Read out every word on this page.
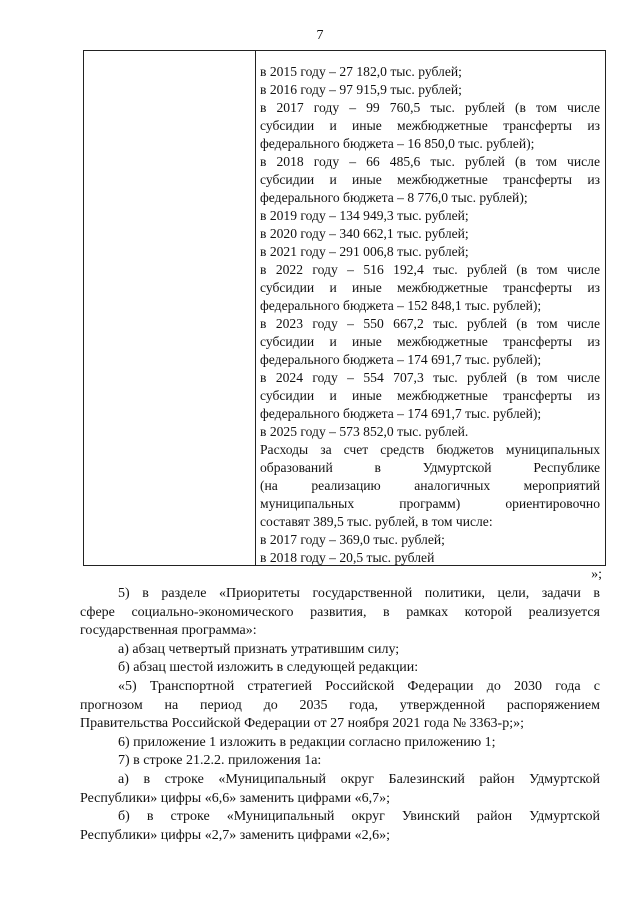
7
в 2015 году – 27 182,0 тыс. рублей;
в 2016 году – 97 915,9 тыс. рублей;
в 2017 году – 99 760,5 тыс. рублей (в том числе
субсидии и иные межбюджетные трансферты из
федерального бюджета – 16 850,0 тыс. рублей);
в 2018 году – 66 485,6 тыс. рублей (в том числе
субсидии и иные межбюджетные трансферты из
федерального бюджета – 8 776,0 тыс. рублей);
в 2019 году – 134 949,3 тыс. рублей;
в 2020 году – 340 662,1 тыс. рублей;
в 2021 году – 291 006,8 тыс. рублей;
в 2022 году – 516 192,4 тыс. рублей (в том числе
субсидии и иные межбюджетные трансферты из
федерального бюджета – 152 848,1 тыс. рублей);
в 2023 году – 550 667,2 тыс. рублей (в том числе
субсидии и иные межбюджетные трансферты из
федерального бюджета – 174 691,7 тыс. рублей);
в 2024 году – 554 707,3 тыс. рублей (в том числе
субсидии и иные межбюджетные трансферты из
федерального бюджета – 174 691,7 тыс. рублей);
в 2025 году – 573 852,0 тыс. рублей.
Расходы за счет средств бюджетов муниципальных
образований в Удмуртской Республике
(на реализацию аналогичных мероприятий
муниципальных программ) ориентировочно
составят 389,5 тыс. рублей, в том числе:
в 2017 году – 369,0 тыс. рублей;
в 2018 году – 20,5 тыс. рублей
»;
5) в разделе «Приоритеты государственной политики, цели, задачи в
сфере социально-экономического развития, в рамках которой реализуется
государственная программа»:
а) абзац четвертый признать утратившим силу;
б) абзац шестой изложить в следующей редакции:
«5) Транспортной стратегией Российской Федерации до 2030 года с
прогнозом на период до 2035 года, утвержденной распоряжением
Правительства Российской Федерации от 27 ноября 2021 года № 3363-р;»;
6) приложение 1 изложить в редакции согласно приложению 1;
7) в строке 21.2.2. приложения 1а:
а) в строке «Муниципальный округ Балезинский район Удмуртской
Республики» цифры «6,6» заменить цифрами «6,7»;
б) в строке «Муниципальный округ Увинский район Удмуртской
Республики» цифры «2,7» заменить цифрами «2,6»;
